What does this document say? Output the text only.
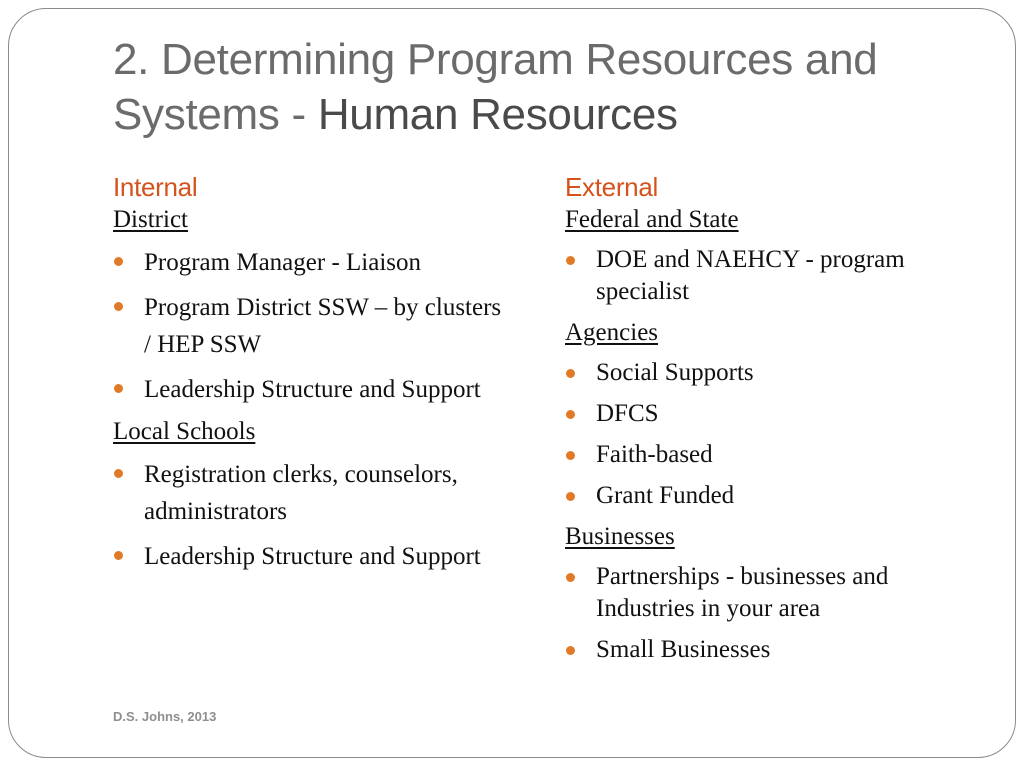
2. Determining Program Resources and Systems - Human Resources
Internal
District
Program Manager - Liaison
Program District SSW – by clusters / HEP SSW
Leadership Structure and Support
Local Schools
Registration clerks, counselors, administrators
Leadership Structure and Support
External
Federal and State
DOE and NAEHCY - program specialist
Agencies
Social Supports
DFCS
Faith-based
Grant Funded
Businesses
Partnerships - businesses and Industries in your area
Small Businesses
D.S. Johns, 2013
